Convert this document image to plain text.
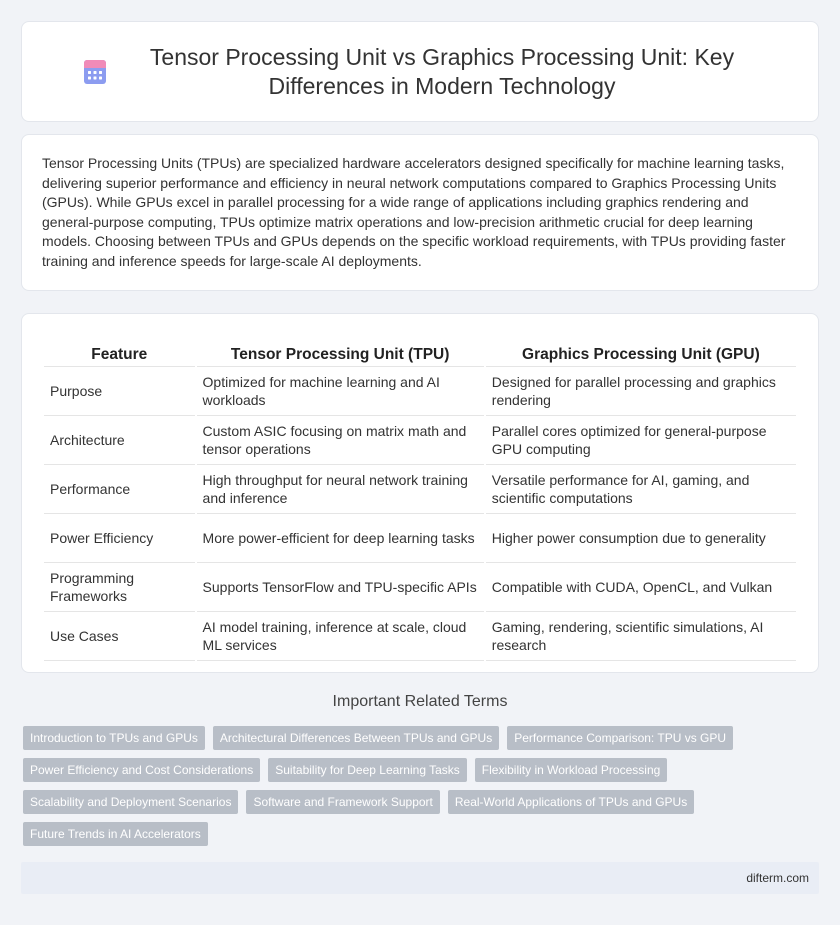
Tensor Processing Unit vs Graphics Processing Unit: Key Differences in Modern Technology

Tensor Processing Units (TPUs) are specialized hardware accelerators designed specifically for machine learning tasks, delivering superior performance and efficiency in neural network computations compared to Graphics Processing Units (GPUs). While GPUs excel in parallel processing for a wide range of applications including graphics rendering and general-purpose computing, TPUs optimize matrix operations and low-precision arithmetic crucial for deep learning models. Choosing between TPUs and GPUs depends on the specific workload requirements, with TPUs providing faster training and inference speeds for large-scale AI deployments.

Feature	Tensor Processing Unit (TPU)	Graphics Processing Unit (GPU)
Purpose	Optimized for machine learning and AI workloads	Designed for parallel processing and graphics rendering
Architecture	Custom ASIC focusing on matrix math and tensor operations	Parallel cores optimized for general-purpose GPU computing
Performance	High throughput for neural network training and inference	Versatile performance for AI, gaming, and scientific computations
Power Efficiency	More power-efficient for deep learning tasks	Higher power consumption due to generality
Programming Frameworks	Supports TensorFlow and TPU-specific APIs	Compatible with CUDA, OpenCL, and Vulkan
Use Cases	AI model training, inference at scale, cloud ML services	Gaming, rendering, scientific simulations, AI research
Important Related Terms
Introduction to TPUs and GPUs	Architectural Differences Between TPUs and GPUs	Performance Comparison: TPU vs GPU
Power Efficiency and Cost Considerations	Suitability for Deep Learning Tasks	Flexibility in Workload Processing
Scalability and Deployment Scenarios	Software and Framework Support	Real-World Applications of TPUs and GPUs
Future Trends in AI Accelerators
difterm.com
